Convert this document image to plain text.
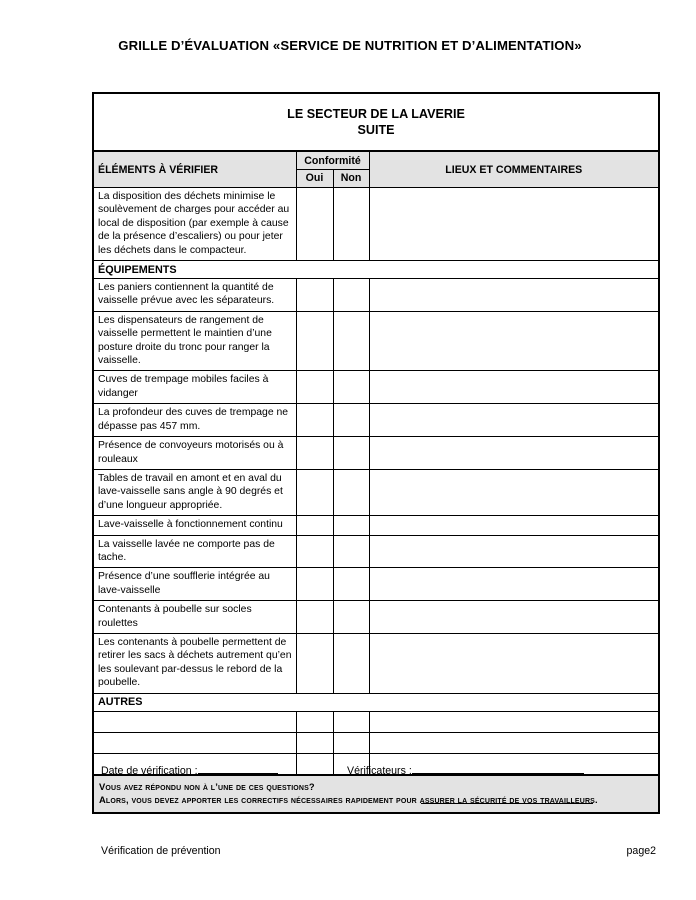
GRILLE D’ÉVALUATION «SERVICE DE NUTRITION ET D’ALIMENTATION»
LE SECTEUR DE LA LAVERIE
SUITE			

ÉLÉMENTS À VÉRIFIER	Conformité		LIEUX ET COMMENTAIRES
	Oui	Non	
La disposition des déchets minimise le soulèvement de charges pour accéder au local de disposition (par exemple à cause de la présence d’escaliers) ou pour jeter les déchets dans le compacteur.			
ÉQUIPEMENTS			
Les paniers contiennent la quantité de vaisselle prévue avec les séparateurs.			
Les dispensateurs de rangement de vaisselle permettent le maintien d’une posture droite du tronc pour ranger la vaisselle.			
Cuves de trempage mobiles faciles à vidanger			
La profondeur des cuves de trempage ne dépasse pas 457 mm.			
Présence de convoyeurs motorisés ou à rouleaux			
Tables de travail en amont et en aval du lave-vaisselle sans angle à 90 degrés et d’une longueur appropriée.			
Lave-vaisselle à fonctionnement continu			
La vaisselle lavée ne comporte pas de tache.			
Présence d’une soufflerie intégrée au lave-vaisselle			
Contenants à poubelle sur socles roulettes			
Les contenants à poubelle permettent de retirer les sacs à déchets autrement qu’en les soulevant par-dessus le rebord de la poubelle.			
AUTRES			

Vous avez répondu non à l’une de ces questions?
Alors, vous devez apporter les correctifs nécessaires rapidement pour assurer la sécurité de vos travailleurs.			
Date de vérification :	Vérificateurs :
Vérification de prévention	page2
